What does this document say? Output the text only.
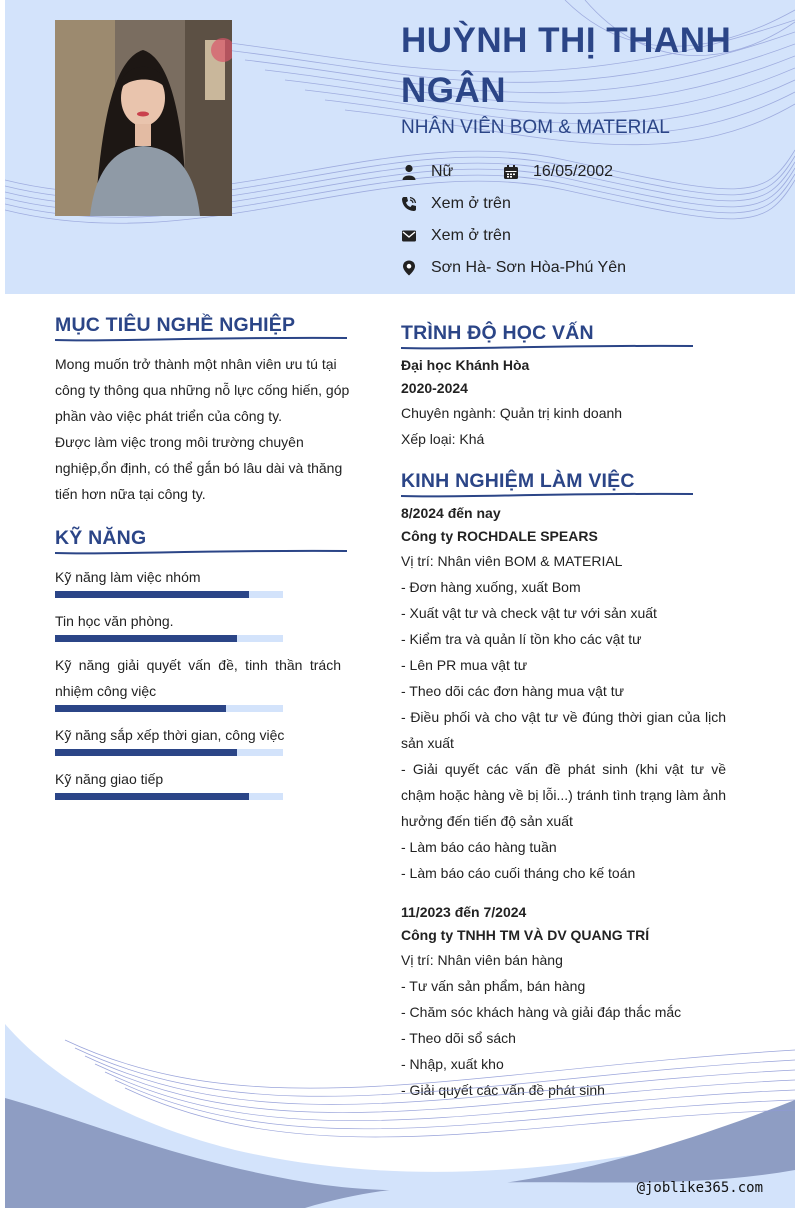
HUỲNH THỊ THANH
NGÂN
NHÂN VIÊN BOM & MATERIAL
Nữ	16/05/2002
Xem ở trên
Xem ở trên
Sơn Hà- Sơn Hòa-Phú Yên
MỤC TIÊU NGHỀ NGHIỆP
Mong muốn trở thành một nhân viên ưu tú tại
công ty thông qua những nỗ lực cống hiến, góp
phần vào việc phát triển của công ty.
Được làm việc trong môi trường chuyên
nghiệp,ổn định, có thể gắn bó lâu dài và thăng
tiến hơn nữa tại công ty.
KỸ NĂNG
Kỹ năng làm việc nhóm
Tin học văn phòng.
Kỹ năng giải quyết vấn đề, tinh thần trách nhiệm công việc
Kỹ năng sắp xếp thời gian, công việc
Kỹ năng giao tiếp
TRÌNH ĐỘ HỌC VẤN
Đại học Khánh Hòa
2020-2024
Chuyên ngành: Quản trị kinh doanh
Xếp loại: Khá
KINH NGHIỆM LÀM VIỆC
8/2024 đến nay
Công ty ROCHDALE SPEARS
Vị trí: Nhân viên BOM & MATERIAL
- Đơn hàng xuống, xuất Bom
- Xuất vật tư và check vật tư với sản xuất
- Kiểm tra và quản lí tồn kho các vật tư
- Lên PR mua vật tư
- Theo dõi các đơn hàng mua vật tư
- Điều phối và cho vật tư về đúng thời gian của lịch sản xuất
- Giải quyết các vấn đề phát sinh (khi vật tư về chậm hoặc hàng về bị lỗi...) tránh tình trạng làm ảnh hưởng đến tiến độ sản xuất
- Làm báo cáo hàng tuần
- Làm báo cáo cuối tháng cho kế toán
11/2023 đến 7/2024
Công ty TNHH TM VÀ DV QUANG TRÍ
Vị trí: Nhân viên bán hàng
- Tư vấn sản phẩm, bán hàng
- Chăm sóc khách hàng và giải đáp thắc mắc
- Theo dõi sổ sách
- Nhập, xuất kho
- Giải quyết các vấn đề phát sinh
@joblike365.com
